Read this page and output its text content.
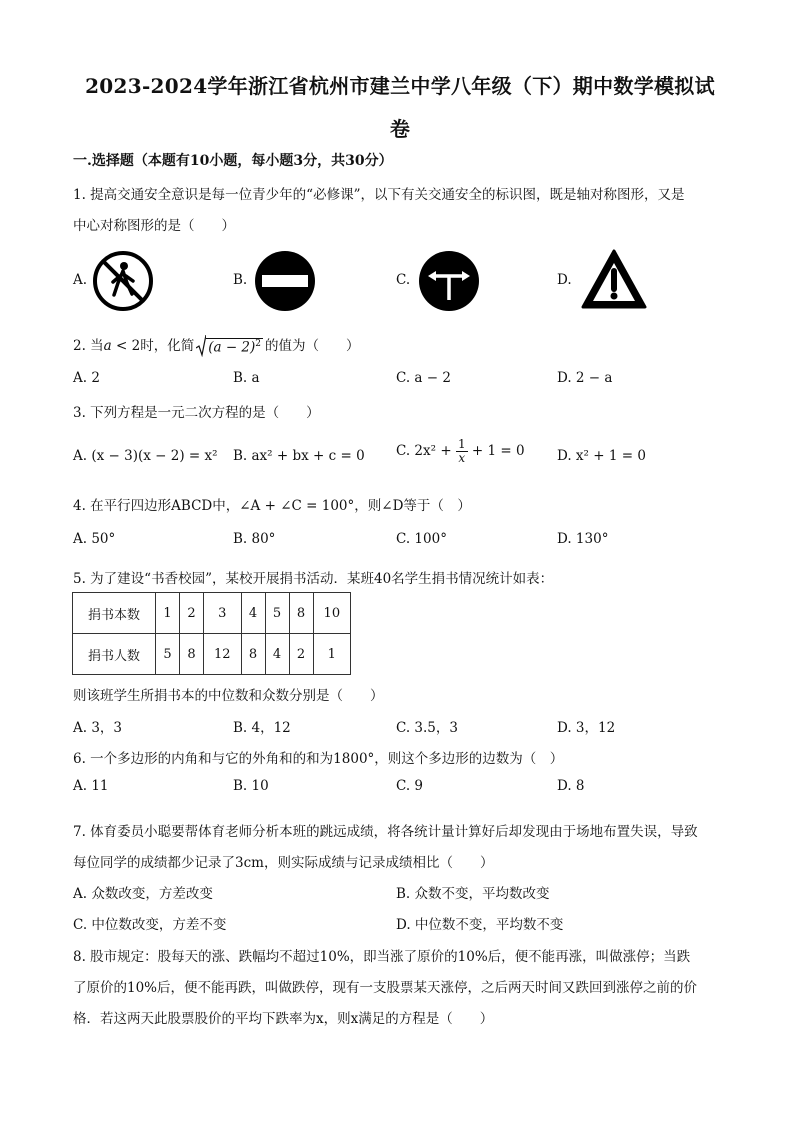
2023-2024学年浙江省杭州市建兰中学八年级（下）期中数学模拟试
卷
一.选择题（本题有10小题，每小题3分，共30分）
1. 提高交通安全意识是每一位青少年的“必修课”，以下有关交通安全的标识图，既是轴对称图形，又是
中心对称图形的是（　　）
A.	B.	C.	D.
2. 当a < 2时，化简 $(a - 2)^2$ 的值为（　　）
A. 2	B. a	C. a − 2	D. 2 − a
3. 下列方程是一元二次方程的是（　　）
A. (x − 3)(x − 2) = x² B. ax² + bx + c = 0 C. $2x^2 + \frac{1}{x} + 1 = 0$ D. x² + 1 = 0
4. 在平行四边形ABCD中，∠A + ∠C = 100°，则∠D等于（　）
A. 50°	B. 80°	C. 100°	D. 130°
5. 为了建设“书香校园”，某校开展捐书活动．某班40名学生捐书情况统计如表：
捐书本数	1	2	3	4	5	8	10
捐书人数	5	8	12	8	4	2	1
则该班学生所捐书本的中位数和众数分别是（　　）
A. 3，3	B. 4，12	C. 3.5，3	D. 3，12
6. 一个多边形的内角和与它的外角和的和为1800°，则这个多边形的边数为（　）
A. 11	B. 10	C. 9	D. 8
7. 体育委员小聪要帮体育老师分析本班的跳远成绩，将各统计量计算好后却发现由于场地布置失误，导致
每位同学的成绩都少记录了3cm，则实际成绩与记录成绩相比（　　）
A. 众数改变，方差改变	B. 众数不变，平均数改变
C. 中位数改变，方差不变	D. 中位数不变，平均数不变
8. 股市规定：股每天的涨、跌幅均不超过10%，即当涨了原价的10%后，便不能再涨，叫做涨停；当跌
了原价的10%后，便不能再跌，叫做跌停，现有一支股票某天涨停，之后两天时间又跌回到涨停之前的价
格．若这两天此股票股价的平均下跌率为x，则x满足的方程是（　　）
